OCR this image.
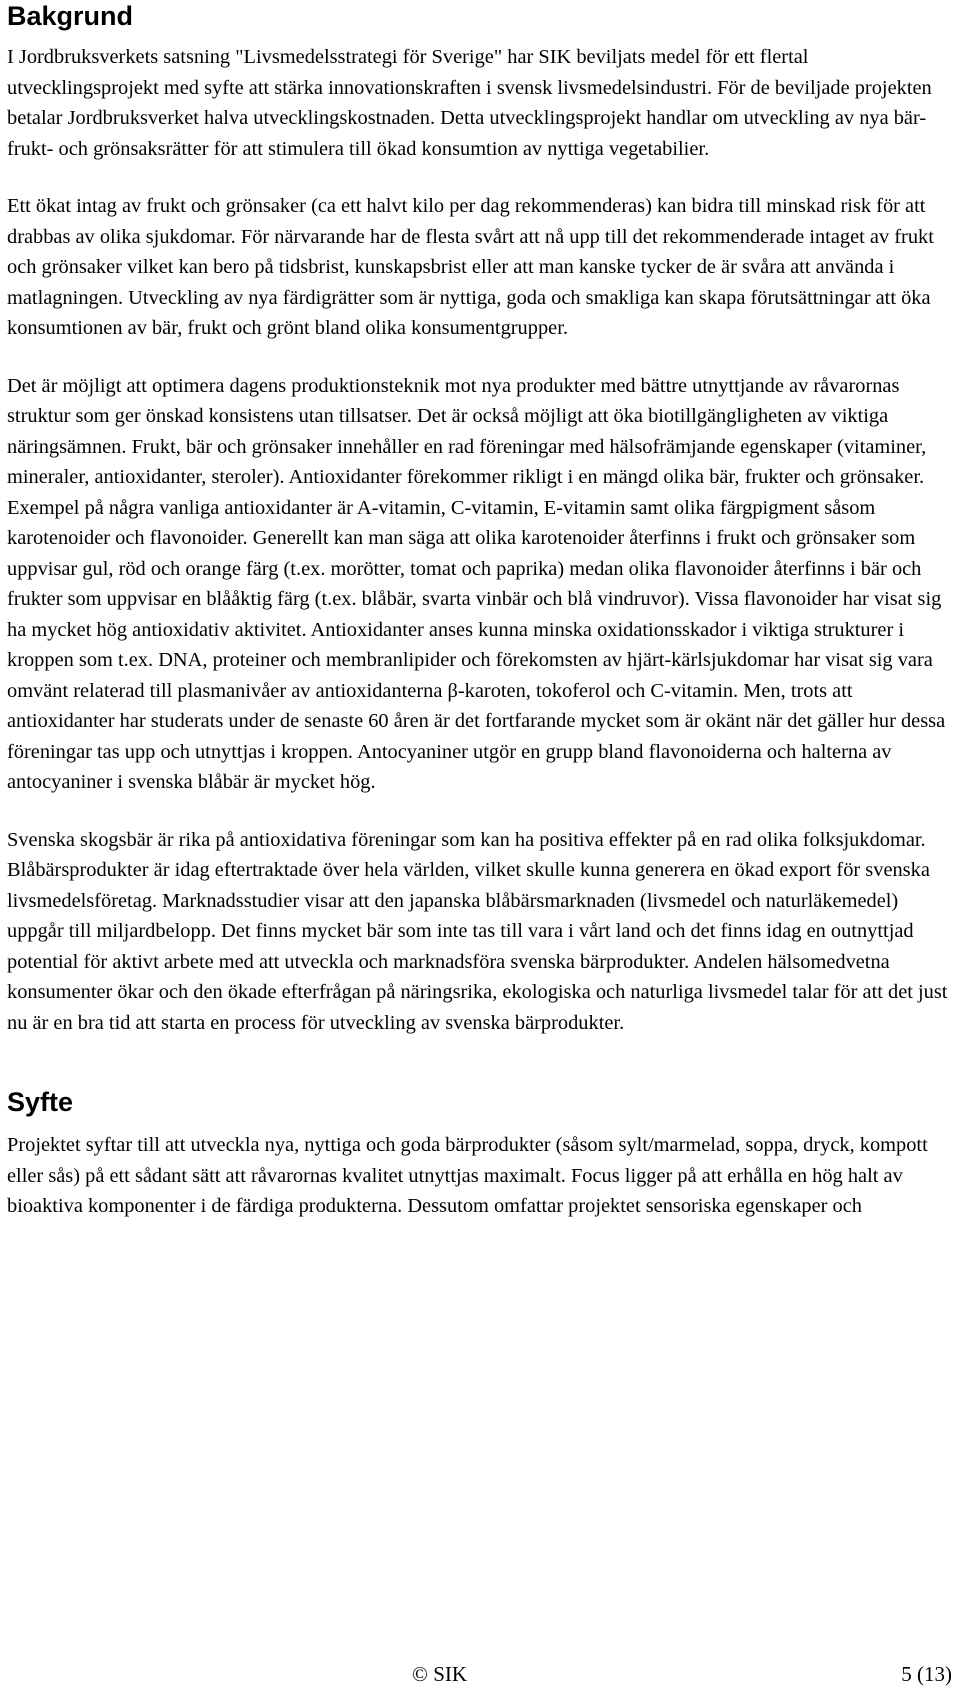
Bakgrund

I Jordbruksverkets satsning "Livsmedelsstrategi för Sverige" har SIK beviljats medel för ett flertal utvecklingsprojekt med syfte att stärka innovationskraften i svensk livsmedelsindustri. För de beviljade projekten betalar Jordbruksverket halva utvecklingskostnaden. Detta utvecklingsprojekt handlar om utveckling av nya bär-frukt- och grönsaksrätter för att stimulera till ökad konsumtion av nyttiga vegetabilier.

Ett ökat intag av frukt och grönsaker (ca ett halvt kilo per dag rekommenderas) kan bidra till minskad risk för att drabbas av olika sjukdomar. För närvarande har de flesta svårt att nå upp till det rekommenderade intaget av frukt och grönsaker vilket kan bero på tidsbrist, kunskapsbrist eller att man kanske tycker de är svåra att använda i matlagningen. Utveckling av nya färdigrätter som är nyttiga, goda och smakliga kan skapa förutsättningar att öka konsumtionen av bär, frukt och grönt bland olika konsumentgrupper.

Det är möjligt att optimera dagens produktionsteknik mot nya produkter med bättre utnyttjande av råvarornas struktur som ger önskad konsistens utan tillsatser. Det är också möjligt att öka biotillgängligheten av viktiga näringsämnen. Frukt, bär och grönsaker innehåller en rad föreningar med hälsofrämjande egenskaper (vitaminer, mineraler, antioxidanter, steroler). Antioxidanter förekommer rikligt i en mängd olika bär, frukter och grönsaker. Exempel på några vanliga antioxidanter är A-vitamin, C-vitamin, E-vitamin samt olika färgpigment såsom karotenoider och flavonoider. Generellt kan man säga att olika karotenoider återfinns i frukt och grönsaker som uppvisar gul, röd och orange färg (t.ex. morötter, tomat och paprika) medan olika flavonoider återfinns i bär och frukter som uppvisar en blååktig färg (t.ex. blåbär, svarta vinbär och blå vindruvor). Vissa flavonoider har visat sig ha mycket hög antioxidativ aktivitet. Antioxidanter anses kunna minska oxidationsskador i viktiga strukturer i kroppen som t.ex. DNA, proteiner och membranlipider och förekomsten av hjärt-kärlsjukdomar har visat sig vara omvänt relaterad till plasmanivåer av antioxidanterna β-karoten, tokoferol och C-vitamin. Men, trots att antioxidanter har studerats under de senaste 60 åren är det fortfarande mycket som är okänt när det gäller hur dessa föreningar tas upp och utnyttjas i kroppen. Antocyaniner utgör en grupp bland flavonoiderna och halterna av antocyaniner i svenska blåbär är mycket hög.

Svenska skogsbär är rika på antioxidativa föreningar som kan ha positiva effekter på en rad olika folksjukdomar. Blåbärsprodukter är idag eftertraktade över hela världen, vilket skulle kunna generera en ökad export för svenska livsmedelsföretag. Marknadsstudier visar att den japanska blåbärsmarknaden (livsmedel och naturläkemedel) uppgår till miljardbelopp. Det finns mycket bär som inte tas till vara i vårt land och det finns idag en outnyttjad potential för aktivt arbete med att utveckla och marknadsföra svenska bärprodukter. Andelen hälsomedvetna konsumenter ökar och den ökade efterfrågan på näringsrika, ekologiska och naturliga livsmedel talar för att det just nu är en bra tid att starta en process för utveckling av svenska bärprodukter.

Syfte

Projektet syftar till att utveckla nya, nyttiga och goda bärprodukter (såsom sylt/marmelad, soppa, dryck, kompott eller sås) på ett sådant sätt att råvarornas kvalitet utnyttjas maximalt. Focus ligger på att erhålla en hög halt av bioaktiva komponenter i de färdiga produkterna. Dessutom omfattar projektet sensoriska egenskaper och

© SIK	5 (13)
